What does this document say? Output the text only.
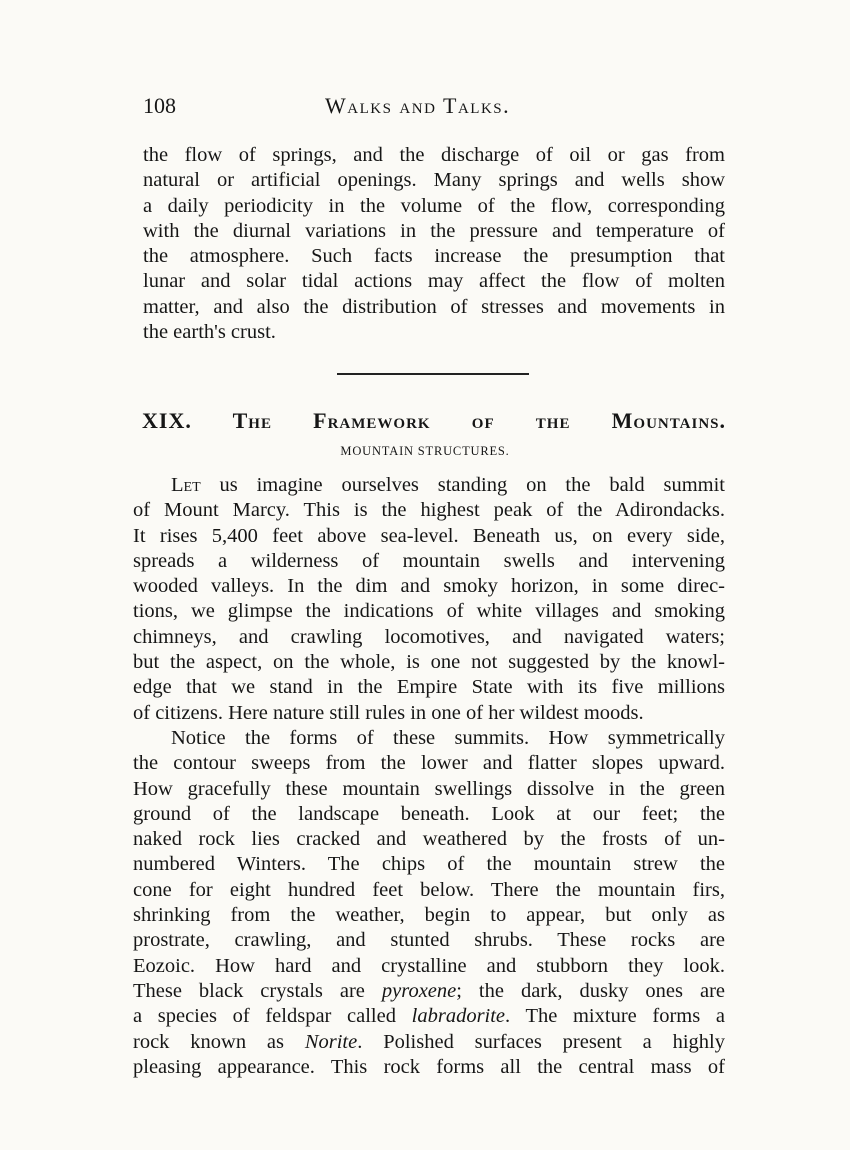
108	Walks and Talks.
the flow of springs, and the discharge of oil or gas from
natural or artificial openings. Many springs and wells show
a daily periodicity in the volume of the flow, corresponding
with the diurnal variations in the pressure and temperature of
the atmosphere. Such facts increase the presumption that
lunar and solar tidal actions may affect the flow of molten
matter, and also the distribution of stresses and movements in
the earth's crust.
XIX. The Framework of the Mountains.
MOUNTAIN STRUCTURES.
Let us imagine ourselves standing on the bald summit
of Mount Marcy. This is the highest peak of the Adirondacks.
It rises 5,400 feet above sea-level. Beneath us, on every side,
spreads a wilderness of mountain swells and intervening
wooded valleys. In the dim and smoky horizon, in some direc-
tions, we glimpse the indications of white villages and smoking
chimneys, and crawling locomotives, and navigated waters;
but the aspect, on the whole, is one not suggested by the knowl-
edge that we stand in the Empire State with its five millions
of citizens. Here nature still rules in one of her wildest moods.
Notice the forms of these summits. How symmetrically
the contour sweeps from the lower and flatter slopes upward.
How gracefully these mountain swellings dissolve in the green
ground of the landscape beneath. Look at our feet; the
naked rock lies cracked and weathered by the frosts of un-
numbered Winters. The chips of the mountain strew the
cone for eight hundred feet below. There the mountain firs,
shrinking from the weather, begin to appear, but only as
prostrate, crawling, and stunted shrubs. These rocks are
Eozoic. How hard and crystalline and stubborn they look.
These black crystals are pyroxene; the dark, dusky ones are
a species of feldspar called labradorite. The mixture forms a
rock known as Norite. Polished surfaces present a highly
pleasing appearance. This rock forms all the central mass of
